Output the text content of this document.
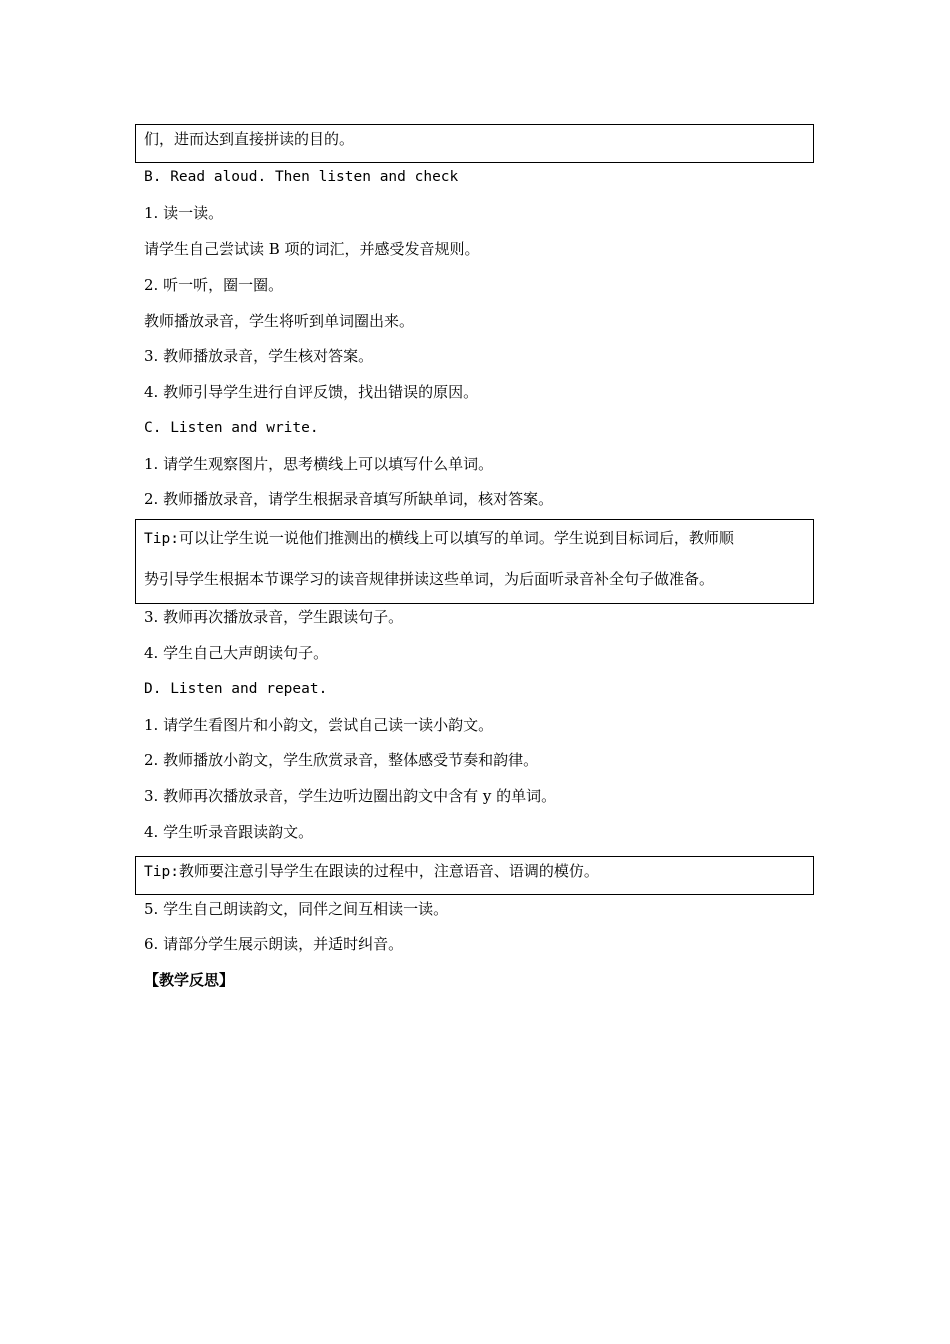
们，进而达到直接拼读的目的。
B. Read aloud. Then listen and check
1. 读一读。
请学生自己尝试读 B 项的词汇，并感受发音规则。
2. 听一听，圈一圈。
教师播放录音，学生将听到单词圈出来。
3. 教师播放录音，学生核对答案。
4. 教师引导学生进行自评反馈，找出错误的原因。
C. Listen and write.
1. 请学生观察图片，思考横线上可以填写什么单词。
2. 教师播放录音，请学生根据录音填写所缺单词，核对答案。
Tip:可以让学生说一说他们推测出的横线上可以填写的单词。学生说到目标词后，教师顺
势引导学生根据本节课学习的读音规律拼读这些单词，为后面听录音补全句子做准备。
3. 教师再次播放录音，学生跟读句子。
4. 学生自己大声朗读句子。
D. Listen and repeat.
1. 请学生看图片和小韵文，尝试自己读一读小韵文。
2. 教师播放小韵文，学生欣赏录音，整体感受节奏和韵律。
3. 教师再次播放录音，学生边听边圈出韵文中含有 y 的单词。
4. 学生听录音跟读韵文。
Tip:教师要注意引导学生在跟读的过程中，注意语音、语调的模仿。
5. 学生自己朗读韵文，同伴之间互相读一读。
6. 请部分学生展示朗读，并适时纠音。
【教学反思】
